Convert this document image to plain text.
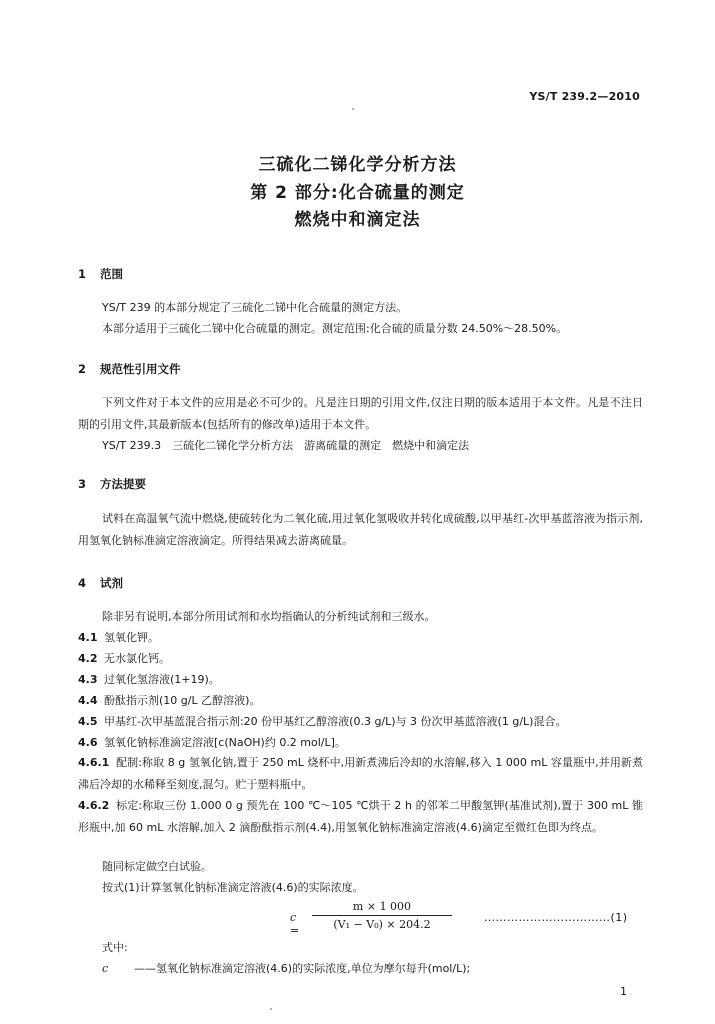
YS/T 239.2—2010
三硫化二锑化学分析方法
第 2 部分:化合硫量的测定
燃烧中和滴定法
1 范围
YS/T 239 的本部分规定了三硫化二锑中化合硫量的测定方法。
本部分适用于三硫化二锑中化合硫量的测定。测定范围:化合硫的质量分数 24.50%～28.50%。
2 规范性引用文件
下列文件对于本文件的应用是必不可少的。凡是注日期的引用文件,仅注日期的版本适用于本文件。凡是不注日期的引用文件,其最新版本(包括所有的修改单)适用于本文件。
YS/T 239.3　三硫化二锑化学分析方法　游离硫量的测定　燃烧中和滴定法
3 方法提要
试料在高温氧气流中燃烧,使硫转化为二氧化硫,用过氧化氢吸收并转化成硫酸,以甲基红-次甲基蓝溶液为指示剂,用氢氧化钠标准滴定溶液滴定。所得结果减去游离硫量。
4 试剂
除非另有说明,本部分所用试剂和水均指确认的分析纯试剂和三级水。
4.1 氢氧化钾。
4.2 无水氯化钙。
4.3 过氧化氢溶液(1+19)。
4.4 酚酞指示剂(10 g/L 乙醇溶液)。
4.5 甲基红-次甲基蓝混合指示剂:20 份甲基红乙醇溶液(0.3 g/L)与 3 份次甲基蓝溶液(1 g/L)混合。
4.6 氢氧化钠标准滴定溶液[c(NaOH)约 0.2 mol/L]。
4.6.1 配制:称取 8 g 氢氧化钠,置于 250 mL 烧杯中,用新煮沸后冷却的水溶解,移入 1 000 mL 容量瓶中,并用新煮沸后冷却的水稀释至刻度,混匀。贮于塑料瓶中。
4.6.2 标定:称取三份 1.000 0 g 预先在 100 ℃～105 ℃烘干 2 h 的邻苯二甲酸氢钾(基准试剂),置于 300 mL 锥形瓶中,加 60 mL 水溶解,加入 2 滴酚酞指示剂(4.4),用氢氧化钠标准滴定溶液(4.6)滴定至微红色即为终点。
随同标定做空白试验。
按式(1)计算氢氧化钠标准滴定溶液(4.6)的实际浓度。
c =
m × 1 000
(V₁ − V₀) × 204.2
……………………………(1)
式中:
c ——氢氧化钠标准滴定溶液(4.6)的实际浓度,单位为摩尔每升(mol/L);
1
